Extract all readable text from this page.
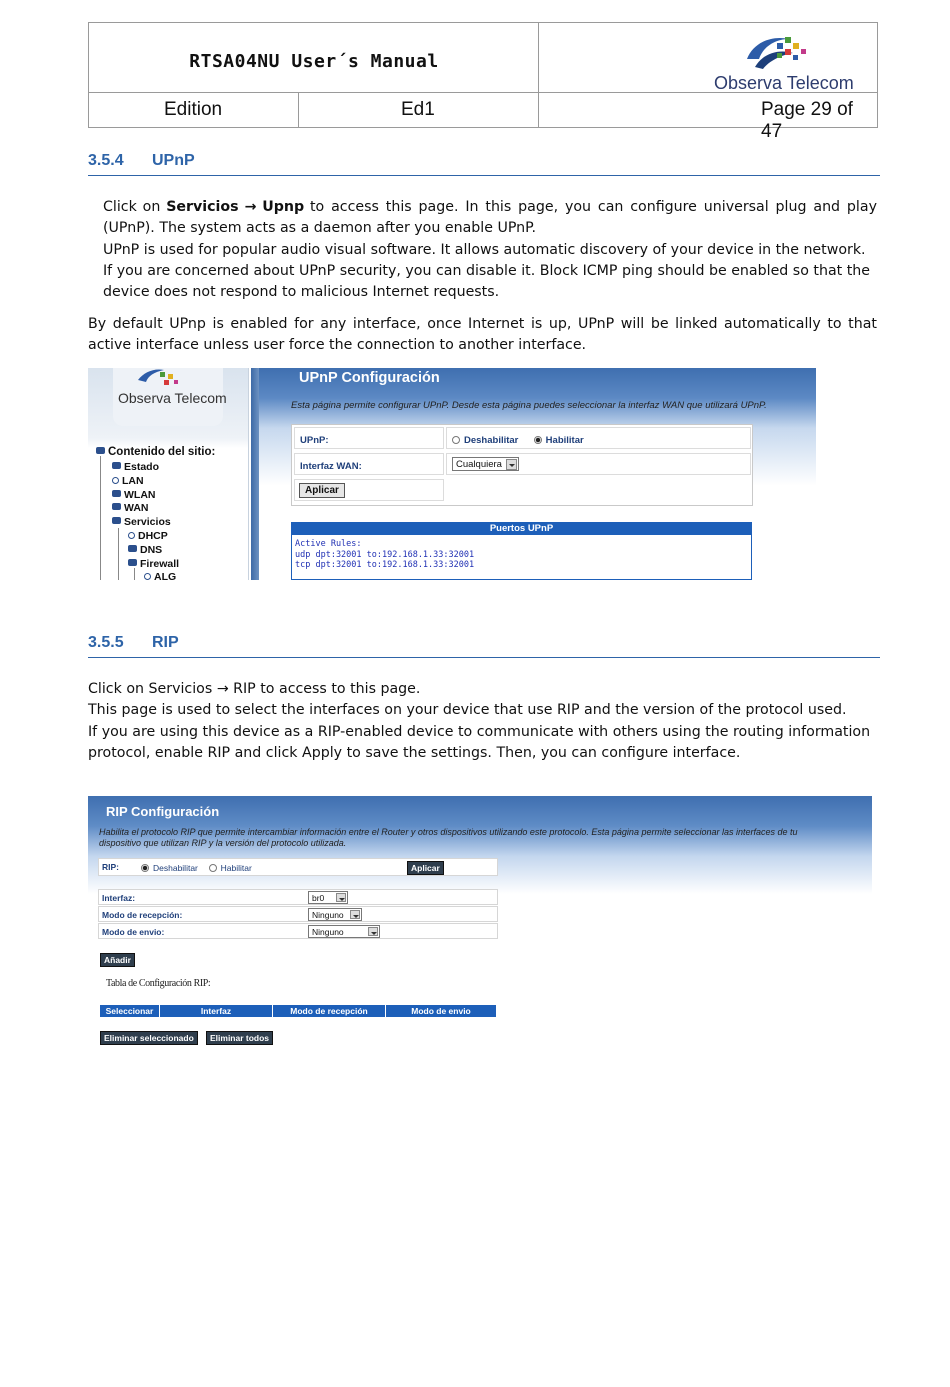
RTSA04NU User´s Manual
Edition	Ed1	Page 29 of 47
Observa Telecom
3.5.4 UPnP
Click on Servicios → Upnp to access this page. In this page, you can configure universal plug and play
(UPnP). The system acts as a daemon after you enable UPnP.
UPnP is used for popular audio visual software. It allows automatic discovery of your device in the network.
If you are concerned about UPnP security, you can disable it. Block ICMP ping should be enabled so that the
device does not respond to malicious Internet requests.
By default UPnp is enabled for any interface, once Internet is up, UPnP will be linked automatically to that
active interface unless user force the connection to another interface.
Observa Telecom
Contenido del sitio:
Estado
LAN
WLAN
WAN
Servicios
DHCP
DNS
Firewall
ALG
UPnP Configuración
Esta página permite configurar UPnP. Desde esta página puedes seleccionar la interfaz WAN que utilizará UPnP.
UPnP:	Deshabilitar	Habilitar
Interfaz WAN:	Cualquiera
Aplicar
Puertos UPnP
Active Rules:
udp dpt:32001 to:192.168.1.33:32001
tcp dpt:32001 to:192.168.1.33:32001
3.5.5 RIP
Click on Servicios → RIP to access to this page.
This page is used to select the interfaces on your device that use RIP and the version of the protocol used.
If you are using this device as a RIP-enabled device to communicate with others using the routing information
protocol, enable RIP and click Apply to save the settings. Then, you can configure interface.
RIP Configuración
Habilita el protocolo RIP que permite intercambiar información entre el Router y otros dispositivos utilizando este protocolo. Esta página permite seleccionar las interfaces de tu
dispositivo que utilizan RIP y la versión del protocolo utilizada.
RIP:	Deshabilitar	Habilitar	Aplicar
Interfaz:	br0
Modo de recepción:	Ninguno
Modo de envio:	Ninguno
Añadir
Tabla de Configuración RIP:
Seleccionar	Interfaz	Modo de recepción	Modo de envio
Eliminar seleccionado	Eliminar todos
